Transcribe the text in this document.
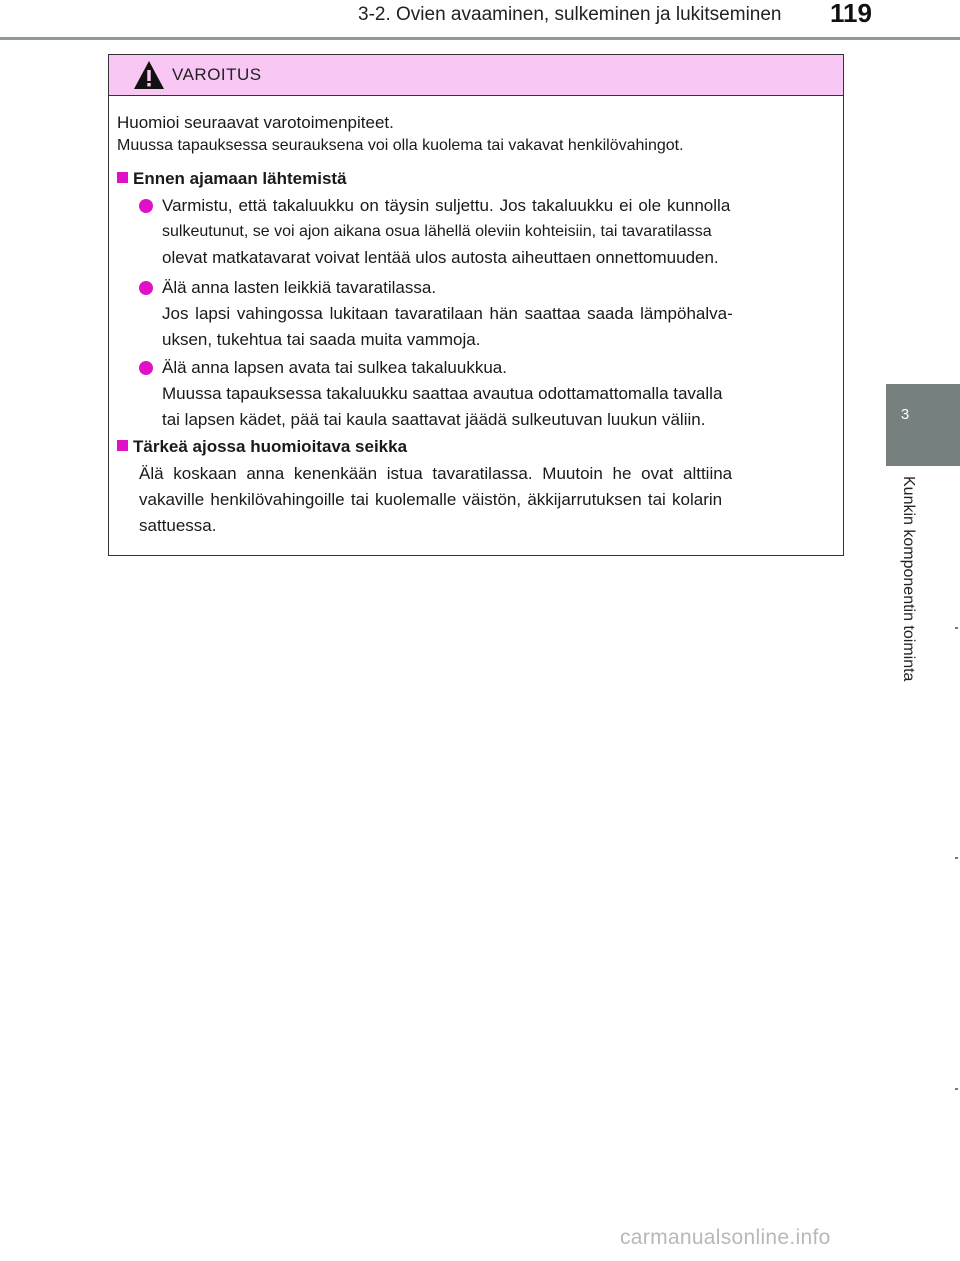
3-2. Ovien avaaminen, sulkeminen ja lukitseminen 119
3
Kunkin komponentin toiminta
VAROITUS
Huomioi seuraavat varotoimenpiteet.
Muussa tapauksessa seurauksena voi olla kuolema tai vakavat henkilövahingot.
Ennen ajamaan lähtemistä
Varmistu, että takaluukku on täysin suljettu. Jos takaluukku ei ole kunnolla
sulkeutunut, se voi ajon aikana osua lähellä oleviin kohteisiin, tai tavaratilassa
olevat matkatavarat voivat lentää ulos autosta aiheuttaen onnettomuuden.
Älä anna lasten leikkiä tavaratilassa.
Jos lapsi vahingossa lukitaan tavaratilaan hän saattaa saada lämpöhalva-
uksen, tukehtua tai saada muita vammoja.
Älä anna lapsen avata tai sulkea takaluukkua.
Muussa tapauksessa takaluukku saattaa avautua odottamattomalla tavalla
tai lapsen kädet, pää tai kaula saattavat jäädä sulkeutuvan luukun väliin.
Tärkeä ajossa huomioitava seikka
Älä koskaan anna kenenkään istua tavaratilassa. Muutoin he ovat alttiina
vakaville henkilövahingoille tai kuolemalle väistön, äkkijarrutuksen tai kolarin
sattuessa.
carmanualsonline.info
